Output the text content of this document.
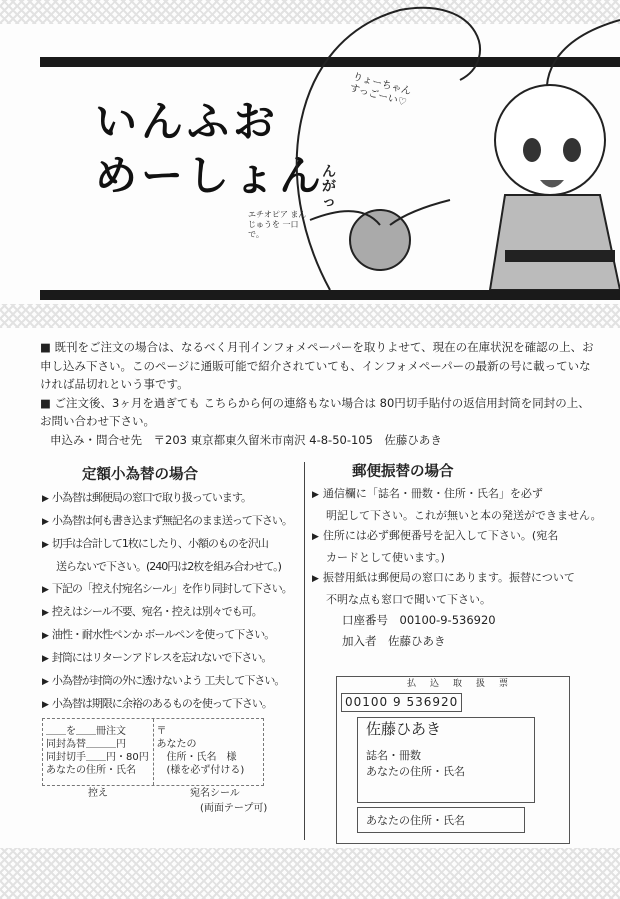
いんふお
めーしょん
りょーちゃん すっごーい♡
んがっ
エチオピア まんじゅうを 一口で。
■ 既刊をご注文の場合は、なるべく月刊インフォメペーパーを取りよせて、現在の在庫状況を確認の上、お申し込み下さい。このページに通販可能で紹介されていても、インフォメペーパーの最新の号に載っていなければ品切れという事です。
■ ご注文後、3ヶ月を過ぎても こちらから何の連絡もない場合は 80円切手貼付の返信用封筒を同封の上、お問い合わせ下さい。
申込み・問合せ先　〒203 東京都東久留米市南沢 4-8-50-105　佐藤ひあき
定額小為替の場合
▶ 小為替は郵便局の窓口で取り扱っています。
▶ 小為替は何も書き込まず無記名のまま送って下さい。
▶ 切手は合計して1枚にしたり、小額のものを沢山
送らないで下さい。(240円は2枚を組み合わせて。)
▶ 下記の「控え付宛名シール」を作り同封して下さい。
▶ 控えはシール不要、宛名・控えは別々でも可。
▶ 油性・耐水性ペンか ボールペンを使って下さい。
▶ 封筒にはリターンアドレスを忘れないで下さい。
▶ 小為替が封筒の外に透けないよう 工夫して下さい。
▶ 小為替は期限に余裕のあるものを使って下さい。
郵便振替の場合
▶ 通信欄に「誌名・冊数・住所・氏名」を必ず
明記して下さい。これが無いと本の発送ができません。
▶ 住所には必ず郵便番号を記入して下さい。(宛名
カードとして使います。)
▶ 振替用紙は郵便局の窓口にあります。振替について
不明な点も窓口で聞いて下さい。
口座番号　 00100-9-536920
加入者　 佐藤ひあき
＿＿を＿＿冊注文
同封為替＿＿＿円
同封切手＿＿円・80円
あなたの住所・氏名
〒
あなたの
　住所・氏名　様
　(様を必ず付ける)
控え	宛名シール
(両面テープ可)
払込取扱票
00100 9 536920
佐藤ひあき
誌名・冊数
あなたの住所・氏名
あなたの住所・氏名
